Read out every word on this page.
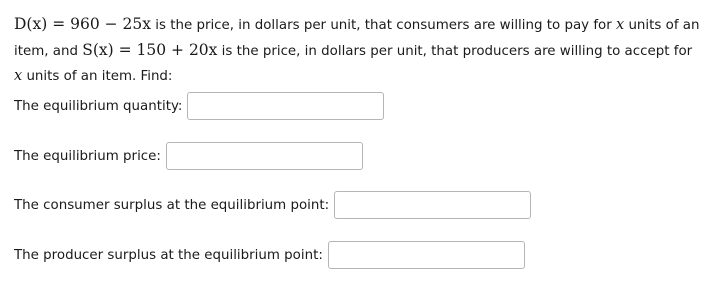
D(x) = 960 − 25x is the price, in dollars per unit, that consumers are willing to pay for x units of an item, and S(x) = 150 + 20x is the price, in dollars per unit, that producers are willing to accept for x units of an item. Find:
The equilibrium quantity:
The equilibrium price:
The consumer surplus at the equilibrium point:
The producer surplus at the equilibrium point:
